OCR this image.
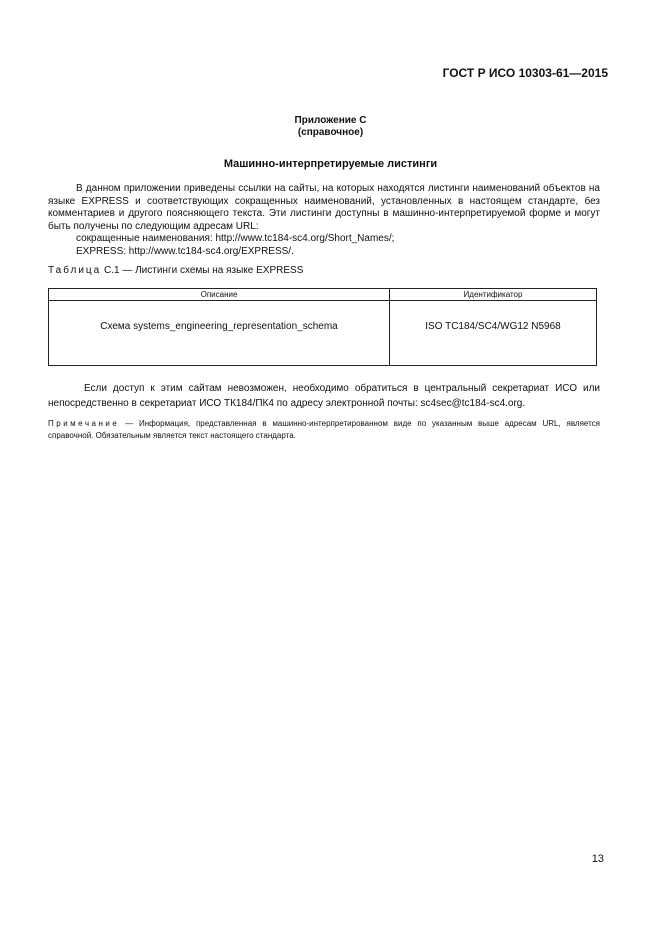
ГОСТ Р ИСО 10303-61—2015
Приложение С
(справочное)
Машинно-интерпретируемые листинги

В данном приложении приведены ссылки на сайты, на которых находятся листинги наименований объектов на языке EXPRESS и соответствующих сокращенных наименований, установленных в настоящем стандарте, без комментариев и другого поясняющего текста. Эти листинги доступны в машинно-интерпретируемой форме и могут быть получены по следующим адресам URL:

сокращенные наименования: http://www.tc184-sc4.org/Short_Names/;
EXPRESS: http://www.tc184-sc4.org/EXPRESS/.
Таблица С.1 — Листинги схемы на языке EXPRESS
Описание	Идентификатор
Схема systems_engineering_representation_schema	ISO TC184/SC4/WG12 N5968

Если доступ к этим сайтам невозможен, необходимо обратиться в центральный секретариат ИСО или непосредственно в секретариат ИСО ТК184/ПК4 по адресу электронной почты: sc4sec@tc184-sc4.org.

Примечание — Информация, представленная в машинно-интерпретированном виде по указанным выше адресам URL, является справочной. Обязательным является текст настоящего стандарта.
13
